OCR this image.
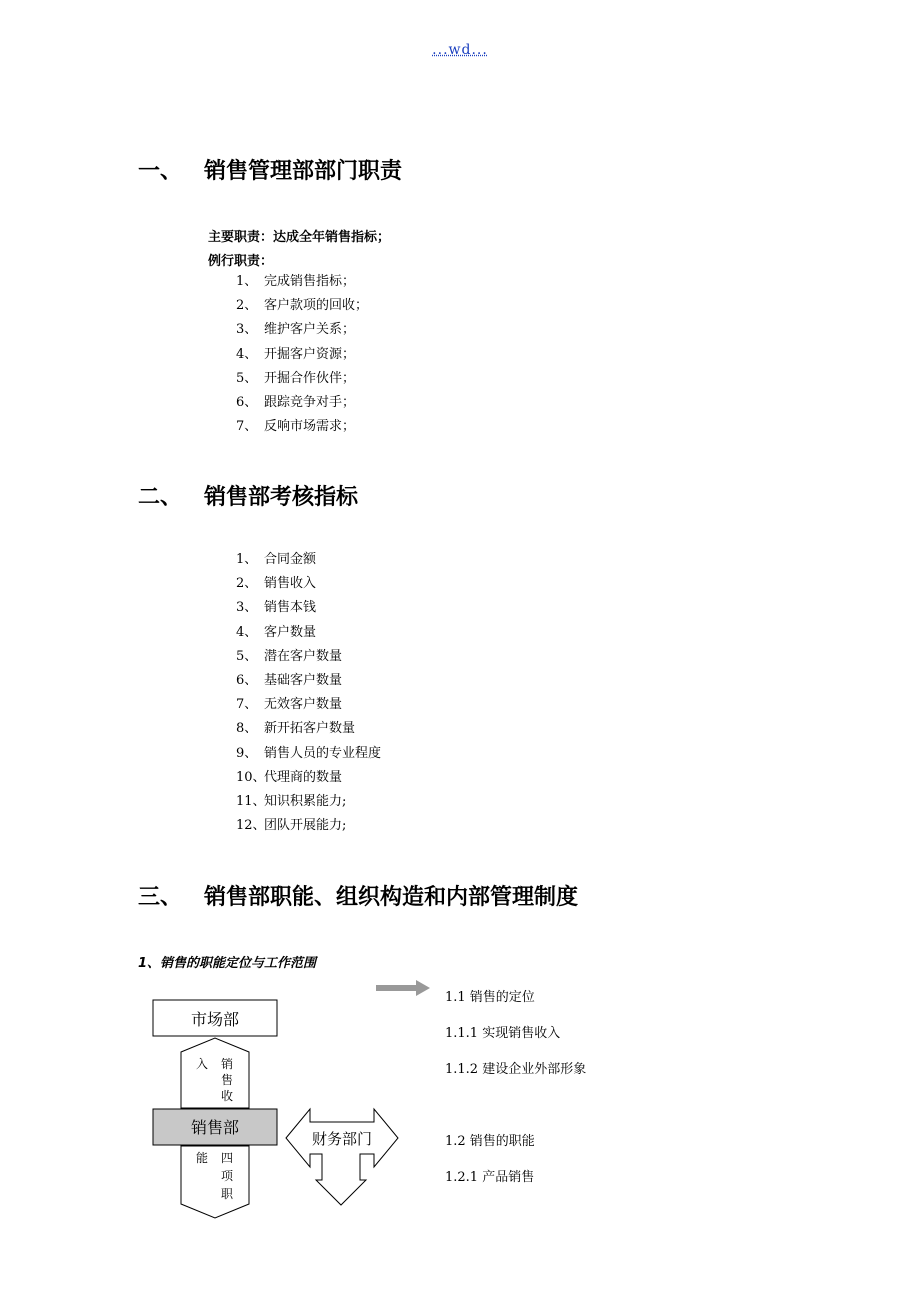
...wd...
一、 销售管理部部门职责
主要职责：达成全年销售指标；
例行职责：
1、 完成销售指标；
2、 客户款项的回收；
3、 维护客户关系；
4、 开掘客户资源；
5、 开掘合作伙伴；
6、 跟踪竞争对手；
7、 反响市场需求；
二、 销售部考核指标
1、 合同金额
2、 销售收入
3、 销售本钱
4、 客户数量
5、 潜在客户数量
6、 基础客户数量
7、 无效客户数量
8、 新开拓客户数量
9、 销售人员的专业程度
10、代理商的数量
11、知识积累能力;
12、团队开展能力;
三、 销售部职能、组织构造和内部管理制度
1、销售的职能定位与工作范围
市场部
入 销
售
收
销售部
能 四
项
职
财务部门
1.1 销售的定位
1.1.1 实现销售收入
1.1.2 建设企业外部形象
1.2 销售的职能
1.2.1 产品销售
